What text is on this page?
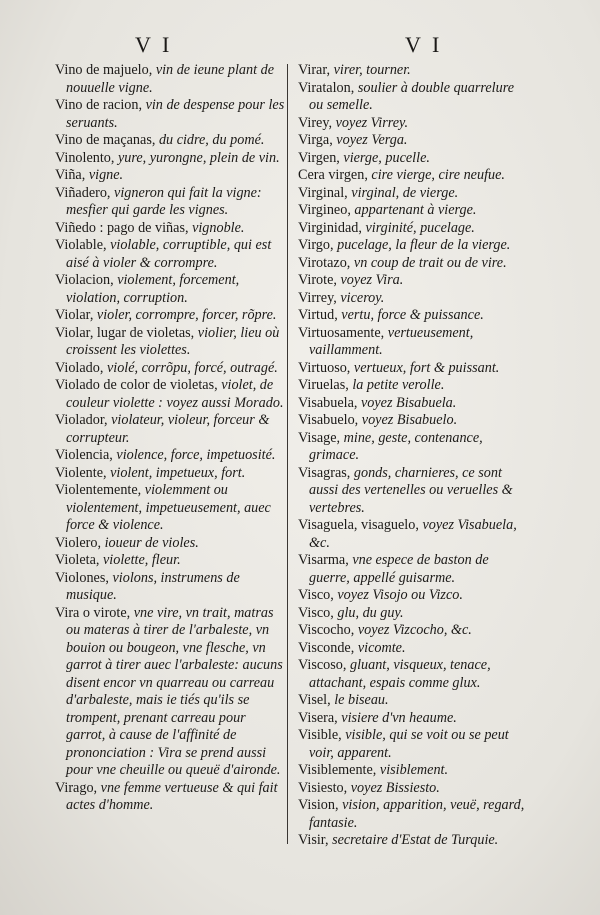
V I	V I

Vino de majuelo, vin de ieune plant de nouuelle vigne.

Vino de racion, vin de despense pour les seruants.

Vino de maçanas, du cidre, du pomé.

Vinolento, yure, yurongne, plein de vin.

Viña, vigne.

Viñadero, vigneron qui fait la vigne: mesfier qui garde les vignes.

Viñedo : pago de viñas, vignoble.

Violable, violable, corruptible, qui est aisé à violer & corrompre.

Violacion, violement, forcement, violation, corruption.

Violar, violer, corrompre, forcer, rõpre.

Violar, lugar de violetas, violier, lieu où croissent les violettes.

Violado, violé, corrõpu, forcé, outragé.

Violado de color de violetas, violet, de couleur violette : voyez aussi Morado.

Violador, violateur, violeur, forceur & corrupteur.

Violencia, violence, force, impetuosité.

Violente, violent, impetueux, fort.

Violentemente, violemment ou violentement, impetueusement, auec force & violence.

Violero, ioueur de violes.

Violeta, violette, fleur.

Violones, violons, instrumens de musique.

Vira o virote, vne vire, vn trait, matras ou materas à tirer de l'arbaleste, vn bouion ou bougeon, vne flesche, vn garrot à tirer auec l'arbaleste: aucuns disent encor vn quarreau ou carreau d'arbaleste, mais ie tiés qu'ils se trompent, prenant carreau pour garrot, à cause de l'affinité de prononciation : Vira se prend aussi pour vne cheuille ou queuë d'aironde.

Virago, vne femme vertueuse & qui fait actes d'homme.

Virar, virer, tourner.

Viratalon, soulier à double quarrelure ou semelle.

Virey, voyez Virrey.

Virga, voyez Verga.

Virgen, vierge, pucelle.

Cera virgen, cire vierge, cire neufue.

Virginal, virginal, de vierge.

Virgineo, appartenant à vierge.

Virginidad, virginité, pucelage.

Virgo, pucelage, la fleur de la vierge.

Virotazo, vn coup de trait ou de vire.

Virote, voyez Vira.

Virrey, viceroy.

Virtud, vertu, force & puissance.

Virtuosamente, vertueusement, vaillamment.

Virtuoso, vertueux, fort & puissant.

Viruelas, la petite verolle.

Visabuela, voyez Bisabuela.

Visabuelo, voyez Bisabuelo.

Visage, mine, geste, contenance, grimace.

Visagras, gonds, charnieres, ce sont aussi des vertenelles ou veruelles & vertebres.

Visaguela, visaguelo, voyez Visabuela, &c.

Visarma, vne espece de baston de guerre, appellé guisarme.

Visco, voyez Visojo ou Vizco.

Visco, glu, du guy.

Viscocho, voyez Vizcocho, &c.

Visconde, vicomte.

Viscoso, gluant, visqueux, tenace, attachant, espais comme glux.

Visel, le biseau.

Visera, visiere d'vn heaume.

Visible, visible, qui se voit ou se peut voir, apparent.

Visiblemente, visiblement.

Visiesto, voyez Bissiesto.

Vision, vision, apparition, veuë, regard, fantasie.

Visir, secretaire d'Estat de Turquie.
